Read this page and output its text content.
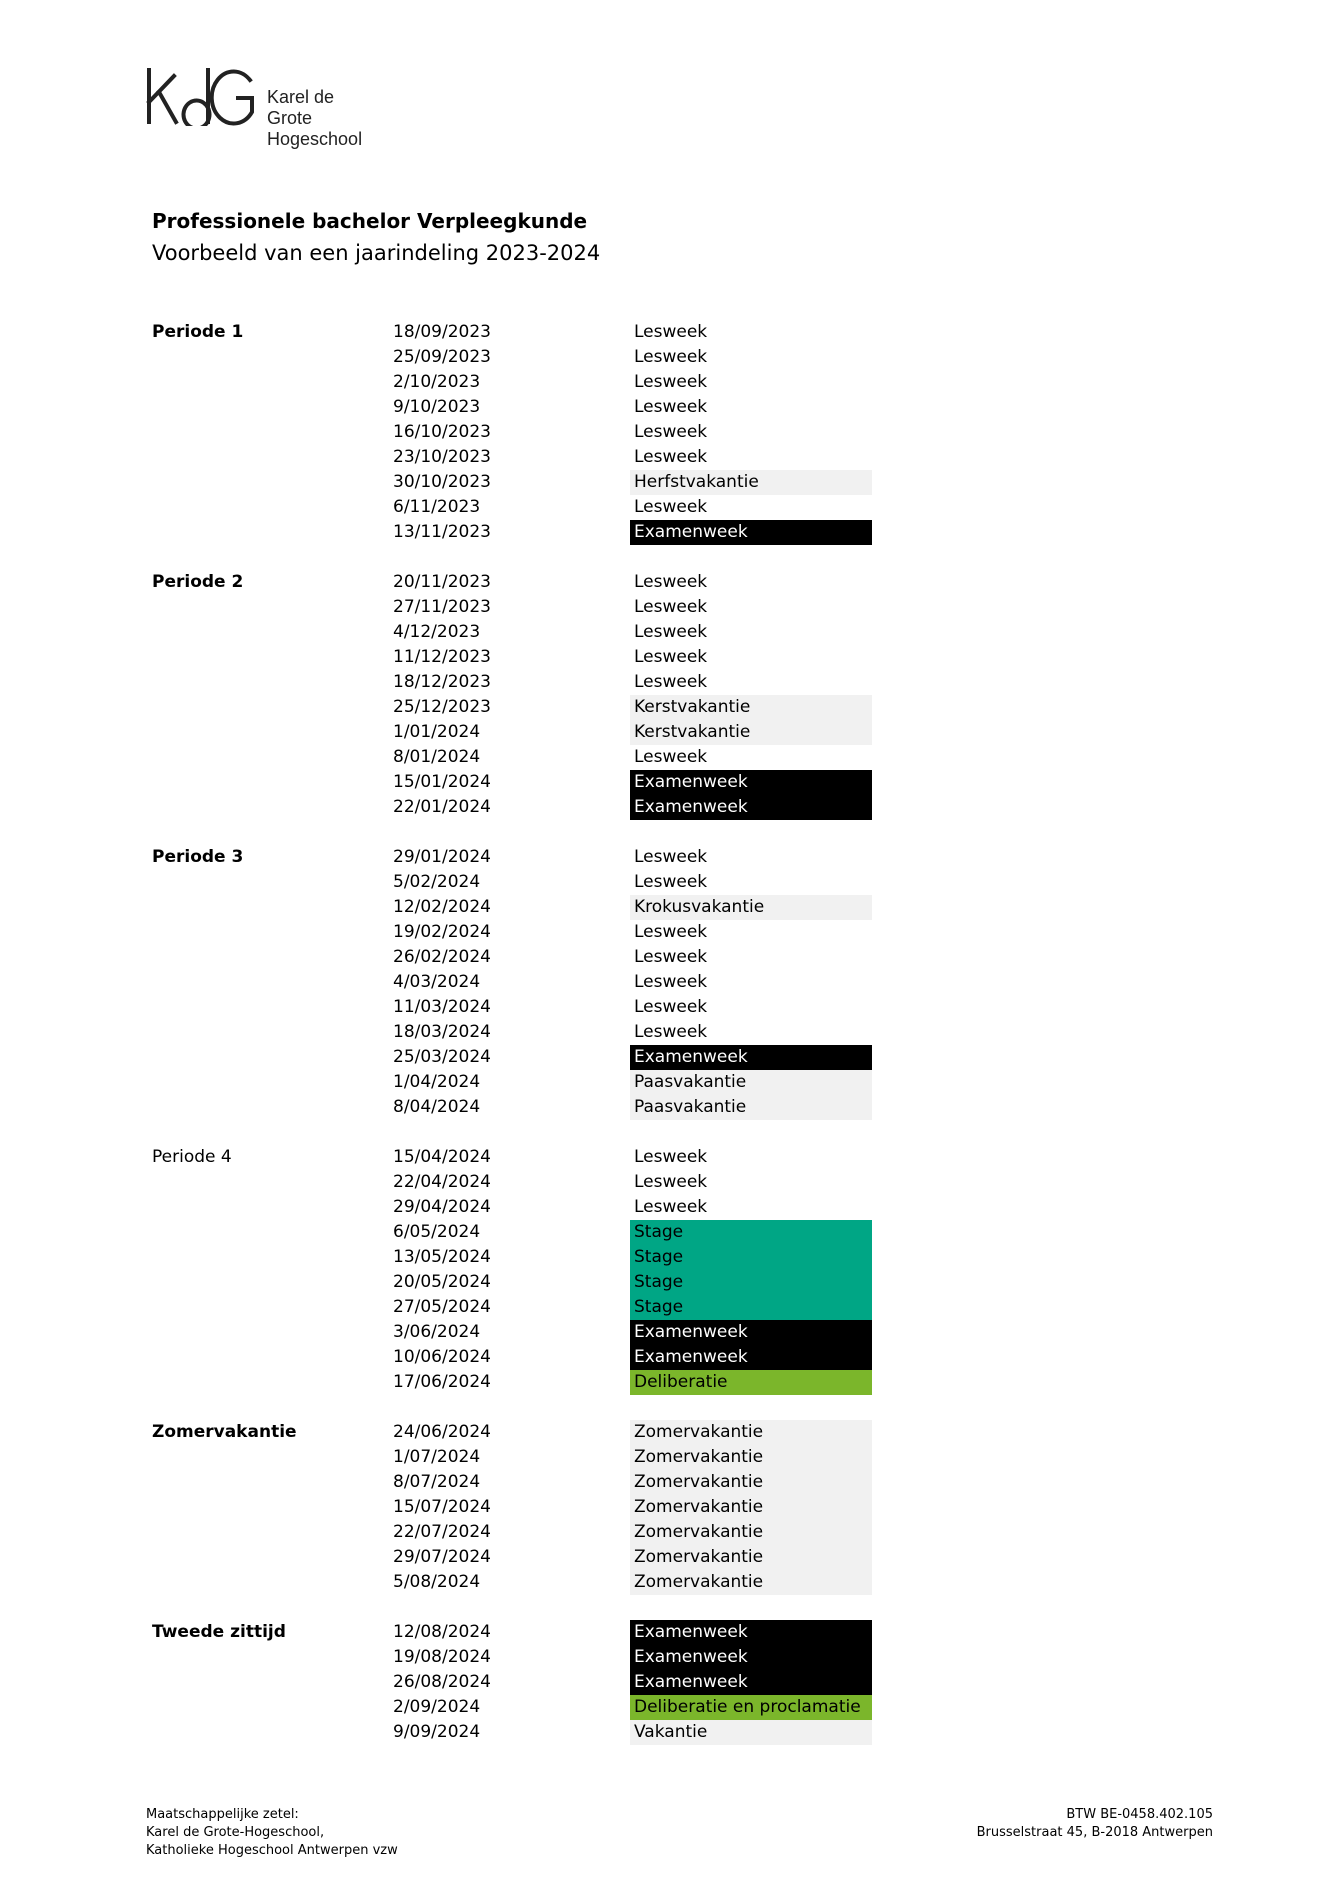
Karel de Grote
Hogeschool
Professionele bachelor Verpleegkunde
Voorbeeld van een jaarindeling 2023-2024
Periode 1	18/09/2023	Lesweek
25/09/2023	Lesweek
2/10/2023	Lesweek
9/10/2023	Lesweek
16/10/2023	Lesweek
23/10/2023	Lesweek
30/10/2023	Herfstvakantie
6/11/2023	Lesweek
13/11/2023	Examenweek
Periode 2	20/11/2023	Lesweek
27/11/2023	Lesweek
4/12/2023	Lesweek
11/12/2023	Lesweek
18/12/2023	Lesweek
25/12/2023	Kerstvakantie
1/01/2024	Kerstvakantie
8/01/2024	Lesweek
15/01/2024	Examenweek
22/01/2024	Examenweek
Periode 3	29/01/2024	Lesweek
5/02/2024	Lesweek
12/02/2024	Krokusvakantie
19/02/2024	Lesweek
26/02/2024	Lesweek
4/03/2024	Lesweek
11/03/2024	Lesweek
18/03/2024	Lesweek
25/03/2024	Examenweek
1/04/2024	Paasvakantie
8/04/2024	Paasvakantie
Periode 4	15/04/2024	Lesweek
22/04/2024	Lesweek
29/04/2024	Lesweek
6/05/2024	Stage
13/05/2024	Stage
20/05/2024	Stage
27/05/2024	Stage
3/06/2024	Examenweek
10/06/2024	Examenweek
17/06/2024	Deliberatie
Zomervakantie	24/06/2024	Zomervakantie
1/07/2024	Zomervakantie
8/07/2024	Zomervakantie
15/07/2024	Zomervakantie
22/07/2024	Zomervakantie
29/07/2024	Zomervakantie
5/08/2024	Zomervakantie
Tweede zittijd	12/08/2024	Examenweek
19/08/2024	Examenweek
26/08/2024	Examenweek
2/09/2024	Deliberatie en proclamatie
9/09/2024	Vakantie
Maatschappelijke zetel:
Karel de Grote-Hogeschool,
Katholieke Hogeschool Antwerpen vzw
BTW BE-0458.402.105
Brusselstraat 45, B-2018 Antwerpen
